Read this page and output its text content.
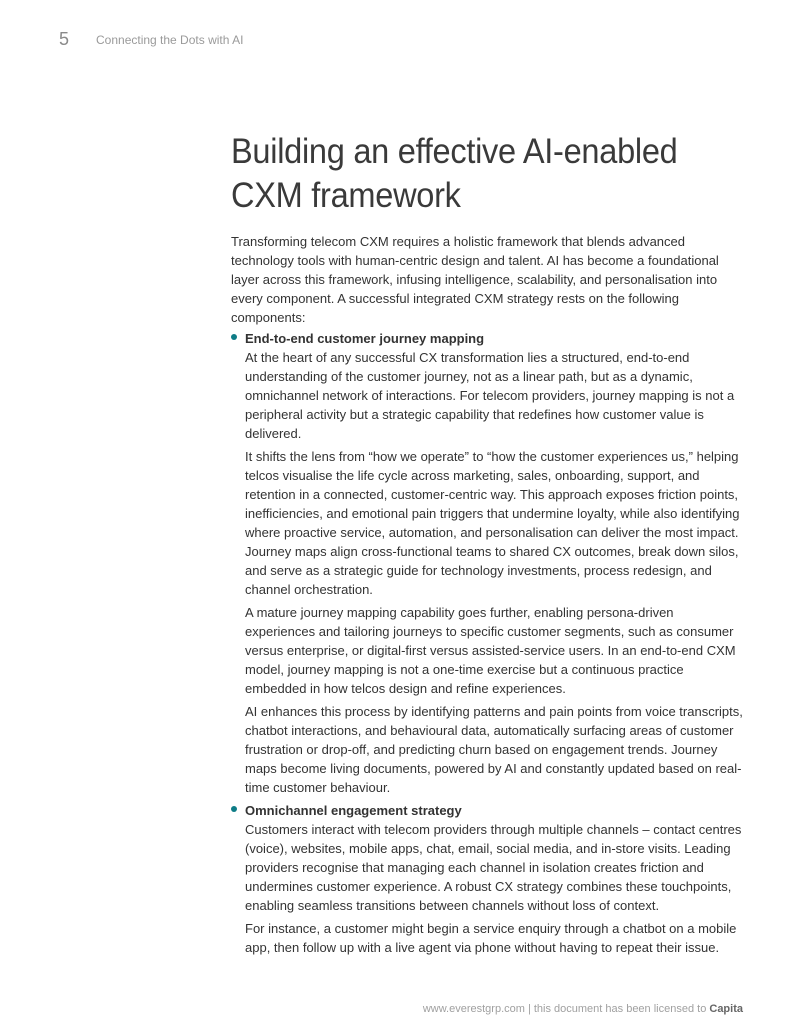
5 Connecting the Dots with AI
Building an effective AI-enabled
CXM framework

Transforming telecom CXM requires a holistic framework that blends advanced technology tools with human-centric design and talent. AI has become a foundational layer across this framework, infusing intelligence, scalability, and personalisation into every component. A successful integrated CXM strategy rests on the following components:

End-to-end customer journey mapping

At the heart of any successful CX transformation lies a structured, end-to-end understanding of the customer journey, not as a linear path, but as a dynamic, omnichannel network of interactions. For telecom providers, journey mapping is not a peripheral activity but a strategic capability that redefines how customer value is delivered.

It shifts the lens from “how we operate” to “how the customer experiences us,” helping telcos visualise the life cycle across marketing, sales, onboarding, support, and retention in a connected, customer-centric way. This approach exposes friction points, inefficiencies, and emotional pain triggers that undermine loyalty, while also identifying where proactive service, automation, and personalisation can deliver the most impact. Journey maps align cross-functional teams to shared CX outcomes, break down silos, and serve as a strategic guide for technology investments, process redesign, and channel orchestration.

A mature journey mapping capability goes further, enabling persona-driven experiences and tailoring journeys to specific customer segments, such as consumer versus enterprise, or digital-first versus assisted-service users. In an end-to-end CXM model, journey mapping is not a one-time exercise but a continuous practice embedded in how telcos design and refine experiences.

AI enhances this process by identifying patterns and pain points from voice transcripts, chatbot interactions, and behavioural data, automatically surfacing areas of customer frustration or drop-off, and predicting churn based on engagement trends. Journey maps become living documents, powered by AI and constantly updated based on real-time customer behaviour.

Omnichannel engagement strategy

Customers interact with telecom providers through multiple channels – contact centres (voice), websites, mobile apps, chat, email, social media, and in-store visits. Leading providers recognise that managing each channel in isolation creates friction and undermines customer experience. A robust CX strategy combines these touchpoints, enabling seamless transitions between channels without loss of context.

For instance, a customer might begin a service enquiry through a chatbot on a mobile app, then follow up with a live agent via phone without having to repeat their issue.

www.everestgrp.com | this document has been licensed to Capita
